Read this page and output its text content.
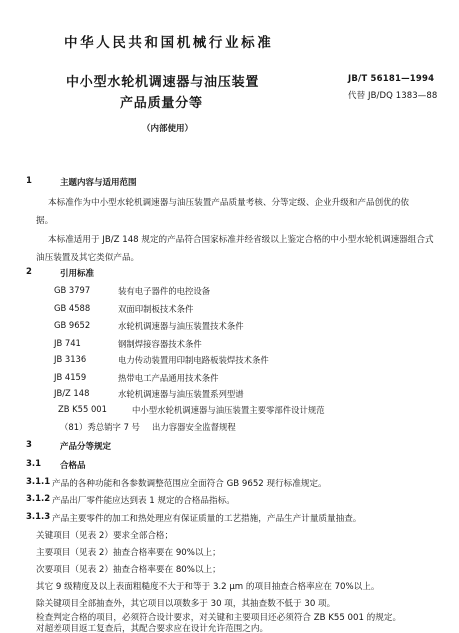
中华人民共和国机械行业标准
JB/T 56181—1994
代替 JB/DQ 1383—88
中小型水轮机调速器与油压装置
产品质量分等
（内部使用）
1	主题内容与适用范围
本标准作为中小型水轮机调速器与油压装置产品质量考核、分等定级、企业升级和产品创优的依
据。
本标准适用于 JB/Z 148 规定的产品符合国家标准并经省级以上鉴定合格的中小型水轮机调速器组合式
油压装置及其它类似产品。
2	引用标准
GB 3797	装有电子器件的电控设备
GB 4588	双面印制板技术条件
GB 9652	水轮机调速器与油压装置技术条件
JB 741	钢制焊接容器技术条件
JB 3136	电力传动装置用印制电路板装焊技术条件
JB 4159	热带电工产品通用技术条件
JB/Z 148	水轮机调速器与油压装置系列型谱
ZB K55 001	中小型水轮机调速器与油压装置主要零部件设计规范
（81）秀总销字 7 号 出力容器安全监督规程
3	产品分等规定
3.1 合格品
3.1.1 产品的各种功能和各参数调整范围应全面符合 GB 9652 现行标准规定。
3.1.2 产品出厂零件能应达到表 1 规定的合格品指标。
3.1.3 产品主要零件的加工和热处理应有保证质量的工艺措施，产品生产计量质量抽查。
关键项目（见表 2）要求全部合格；
主要项目（见表 2）抽查合格率要在 90%以上；
次要项目（见表 2）抽查合格率要在 80%以上；
其它 9 级精度及以上表面粗糙度不大于和等于 3.2 μm 的项目抽查合格率应在 70%以上。
除关键项目全部抽查外，其它项目以项数多于 30 项，其抽查数不低于 30 项。
检查判定合格的项目，必须符合设计要求，对关键和主要项目还必须符合 ZB K55 001 的规定。
对超差项目返工复查后，其配合要求应在设计允许范围之内。
